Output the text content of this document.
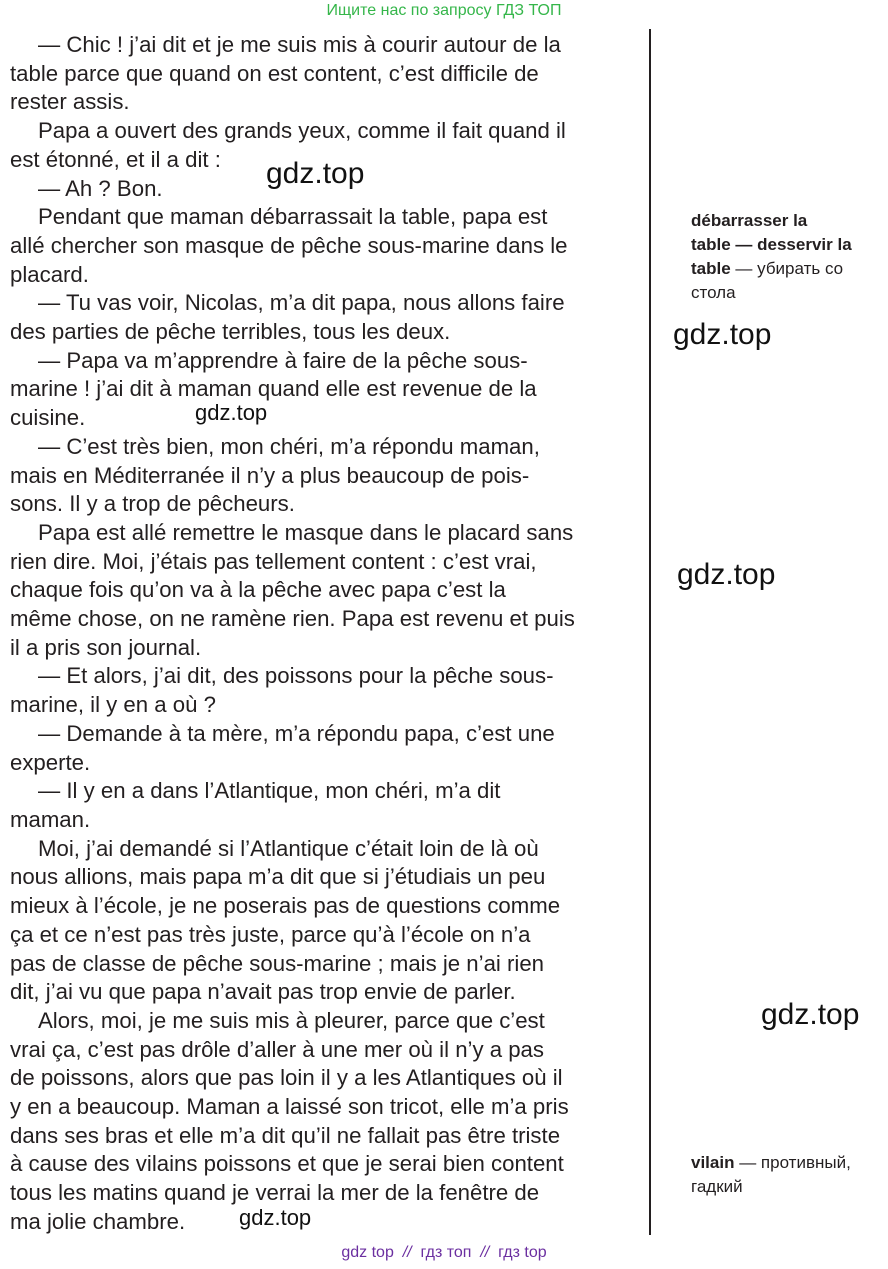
Ищите нас по запросу ГДЗ ТОП

— Chic ! j’ai dit et je me suis mis à courir autour de la

table parce que quand on est content, c’est difficile de

rester assis.

Papa a ouvert des grands yeux, comme il fait quand il

est étonné, et il a dit :

— Ah ? Bon.

Pendant que maman débarrassait la table, papa est

allé chercher son masque de pêche sous-marine dans le

placard.

— Tu vas voir, Nicolas, m’a dit papa, nous allons faire

des parties de pêche terribles, tous les deux.

— Papa va m’apprendre à faire de la pêche sous-

marine ! j’ai dit à maman quand elle est revenue de la

cuisine.

— C’est très bien, mon chéri, m’a répondu maman,

mais en Méditerranée il n’y a plus beaucoup de pois-

sons. Il y a trop de pêcheurs.

Papa est allé remettre le masque dans le placard sans

rien dire. Moi, j’étais pas tellement content : c’est vrai,

chaque fois qu’on va à la pêche avec papa c’est la

même chose, on ne ramène rien. Papa est revenu et puis

il a pris son journal.

— Et alors, j’ai dit, des poissons pour la pêche sous-

marine, il y en a où ?

— Demande à ta mère, m’a répondu papa, c’est une

experte.

— Il y en a dans l’Atlantique, mon chéri, m’a dit

maman.

Moi, j’ai demandé si l’Atlantique c’était loin de là où

nous allions, mais papa m’a dit que si j’étudiais un peu

mieux à l’école, je ne poserais pas de questions comme

ça et ce n’est pas très juste, parce qu’à l’école on n’a

pas de classe de pêche sous-marine ; mais je n’ai rien

dit, j’ai vu que papa n’avait pas trop envie de parler.

Alors, moi, je me suis mis à pleurer, parce que c’est

vrai ça, c’est pas drôle d’aller à une mer où il n’y a pas

de poissons, alors que pas loin il y a les Atlantiques où il

y en a beaucoup. Maman a laissé son tricot, elle m’a pris

dans ses bras et elle m’a dit qu’il ne fallait pas être triste

à cause des vilains poissons et que je serai bien content

tous les matins quand je verrai la mer de la fenêtre de

ma jolie chambre.

débarrasser la

table — desservir la

table — убирать со

стола

vilain — противный,

гадкий

gdz.top
gdz.top
gdz.top
gdz.top
gdz.top
gdz.top
gdz top // гдз топ // гдз top
